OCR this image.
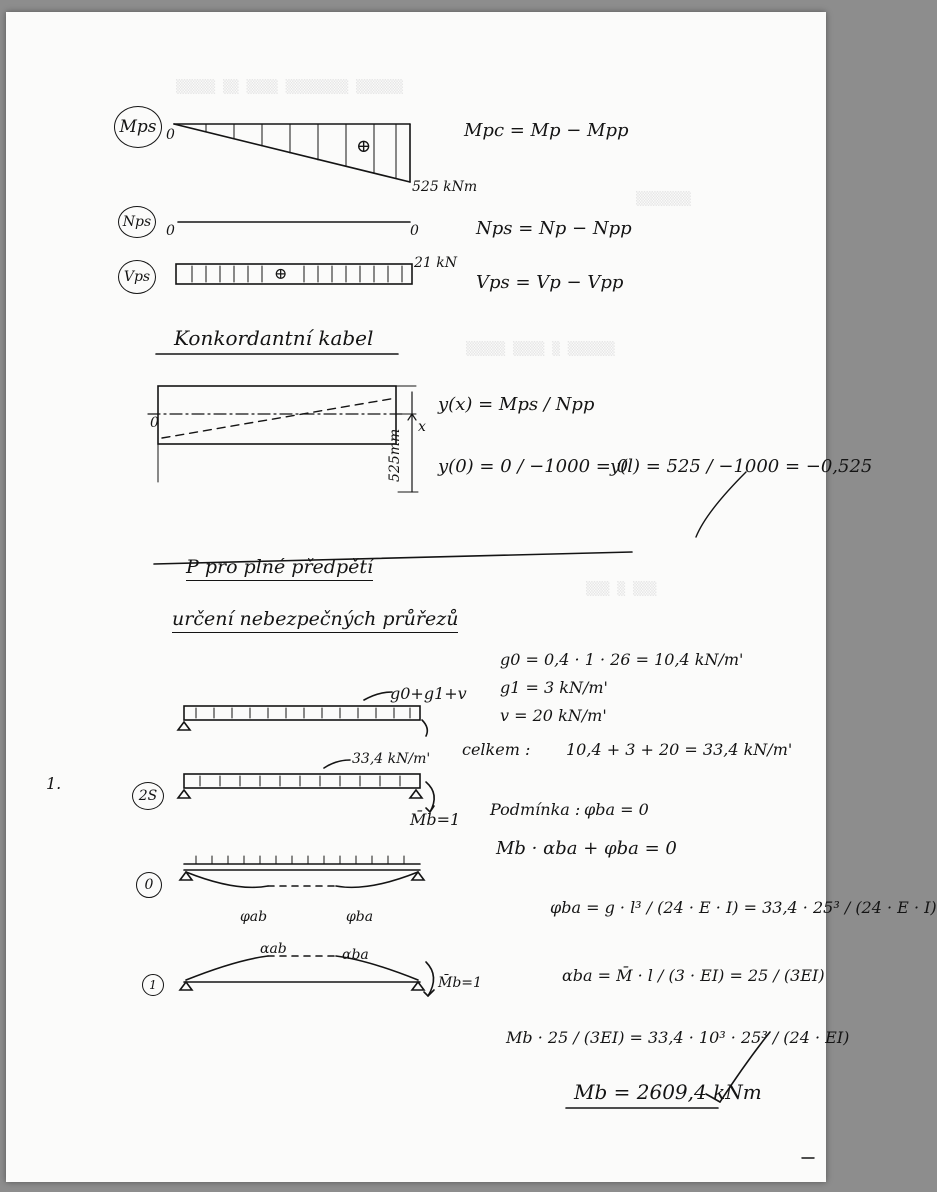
▒▒▒▒▒ ▒▒ ▒▒▒▒ ▒▒▒▒▒▒▒▒ ▒▒▒▒▒▒
▒▒▒▒▒▒▒
▒▒▒▒▒ ▒▒▒▒ ▒ ▒▒▒▒▒▒
▒▒▒ ▒ ▒▒▒
Mps
Nps
Vps
0
⊕
525 kNm
0	0
⊕
21 kN
Mpc = Mp − Mpp
Nps = Np − Npp
Vps = Vp − Vpp
Konkordantní kabel
0	x
525mm
y(x) = Mps / Npp
y(0) = 0 / −1000 = 0
y(l) = 525 / −1000 = −0,525
P pro plné předpětí
určení nebezpečných průřezů
g0 = 0,4 · 1 · 26 = 10,4 kN/m'
g1 = 3 kN/m'
v = 20 kN/m'
celkem : 10,4 + 3 + 20 = 33,4 kN/m'
g0+g1+v
33,4 kN/m'
M̄b=1
2S
1.
Podmínka : φba = 0
Mb · αba + φba = 0
0
φab	φba	φba = g · l³ / (24 · E · I) = 33,4 · 25³ / (24 · E · I)
1
αab	αba
M̄b=1	αba = M̄ · l / (3 · EI) = 25 / (3EI)
Mb · 25 / (3EI) = 33,4 · 10³ · 25³ / (24 · EI)
Mb = 2609,4 kNm
